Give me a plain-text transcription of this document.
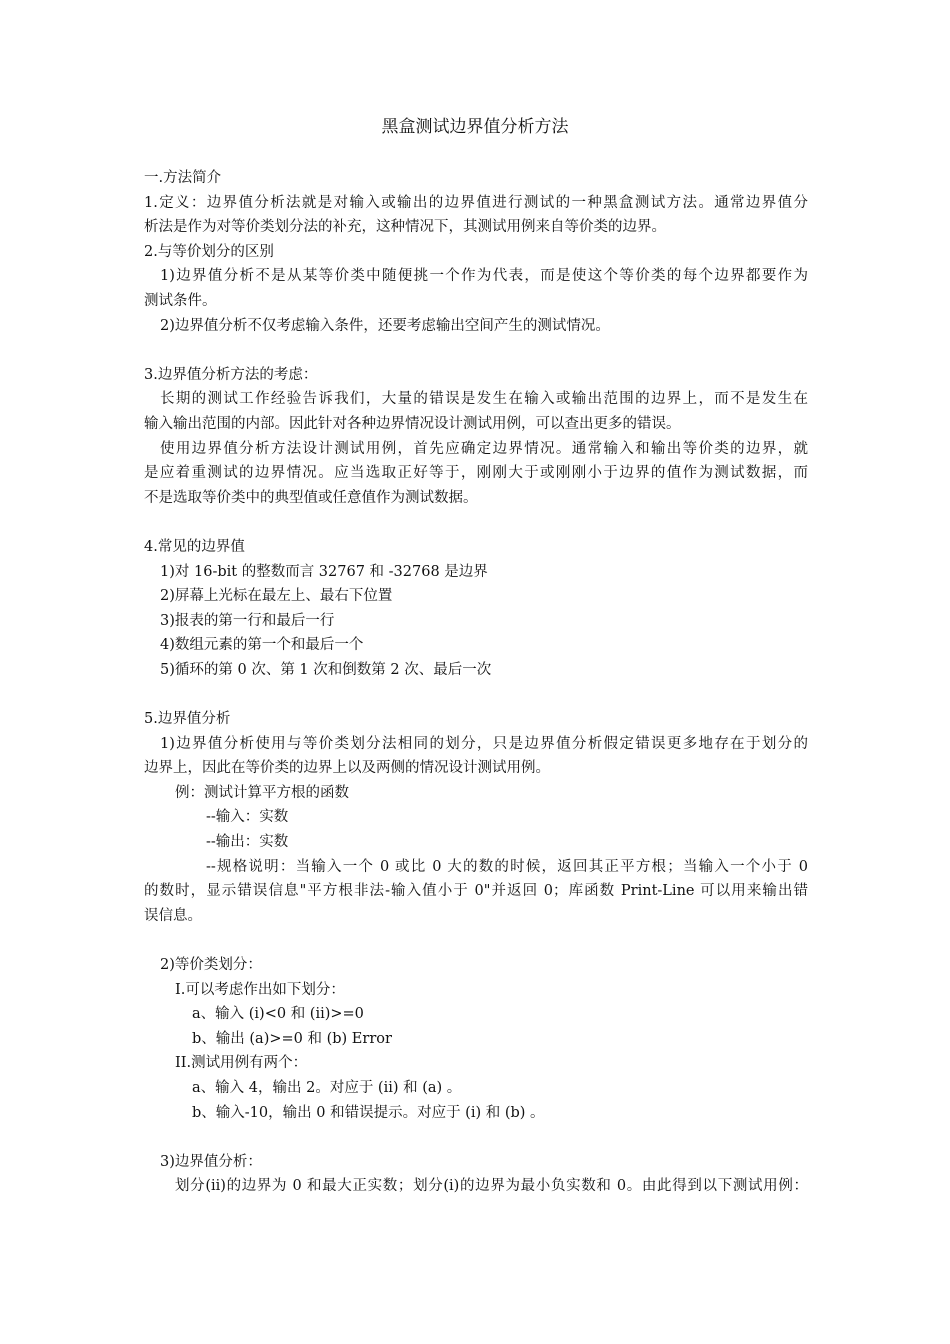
黑盒测试边界值分析方法
一.方法简介
1.定义：边界值分析法就是对输入或输出的边界值进行测试的一种黑盒测试方法。通常边界值分
析法是作为对等价类划分法的补充，这种情况下，其测试用例来自等价类的边界。
2.与等价划分的区别
1)边界值分析不是从某等价类中随便挑一个作为代表，而是使这个等价类的每个边界都要作为
测试条件。
2)边界值分析不仅考虑输入条件，还要考虑输出空间产生的测试情况。
3.边界值分析方法的考虑：
长期的测试工作经验告诉我们，大量的错误是发生在输入或输出范围的边界上，而不是发生在
输入输出范围的内部。因此针对各种边界情况设计测试用例，可以查出更多的错误。
使用边界值分析方法设计测试用例，首先应确定边界情况。通常输入和输出等价类的边界，就
是应着重测试的边界情况。应当选取正好等于，刚刚大于或刚刚小于边界的值作为测试数据，而
不是选取等价类中的典型值或任意值作为测试数据。
4.常见的边界值
1)对 16-bit 的整数而言 32767 和 -32768 是边界
2)屏幕上光标在最左上、最右下位置
3)报表的第一行和最后一行
4)数组元素的第一个和最后一个
5)循环的第 0 次、第 1 次和倒数第 2 次、最后一次
5.边界值分析
1)边界值分析使用与等价类划分法相同的划分，只是边界值分析假定错误更多地存在于划分的
边界上，因此在等价类的边界上以及两侧的情况设计测试用例。
例：测试计算平方根的函数
--输入：实数
--输出：实数
--规格说明：当输入一个 0 或比 0 大的数的时候，返回其正平方根；当输入一个小于 0
的数时，显示错误信息"平方根非法-输入值小于 0"并返回 0；库函数 Print-Line 可以用来输出错
误信息。
2)等价类划分：
I.可以考虑作出如下划分：
a、输入 (i)<0 和 (ii)>=0
b、输出 (a)>=0 和 (b) Error
II.测试用例有两个：
a、输入 4，输出 2。对应于 (ii) 和 (a) 。
b、输入-10，输出 0 和错误提示。对应于 (i) 和 (b) 。
3)边界值分析：
划分(ii)的边界为 0 和最大正实数；划分(i)的边界为最小负实数和 0。由此得到以下测试用例：
